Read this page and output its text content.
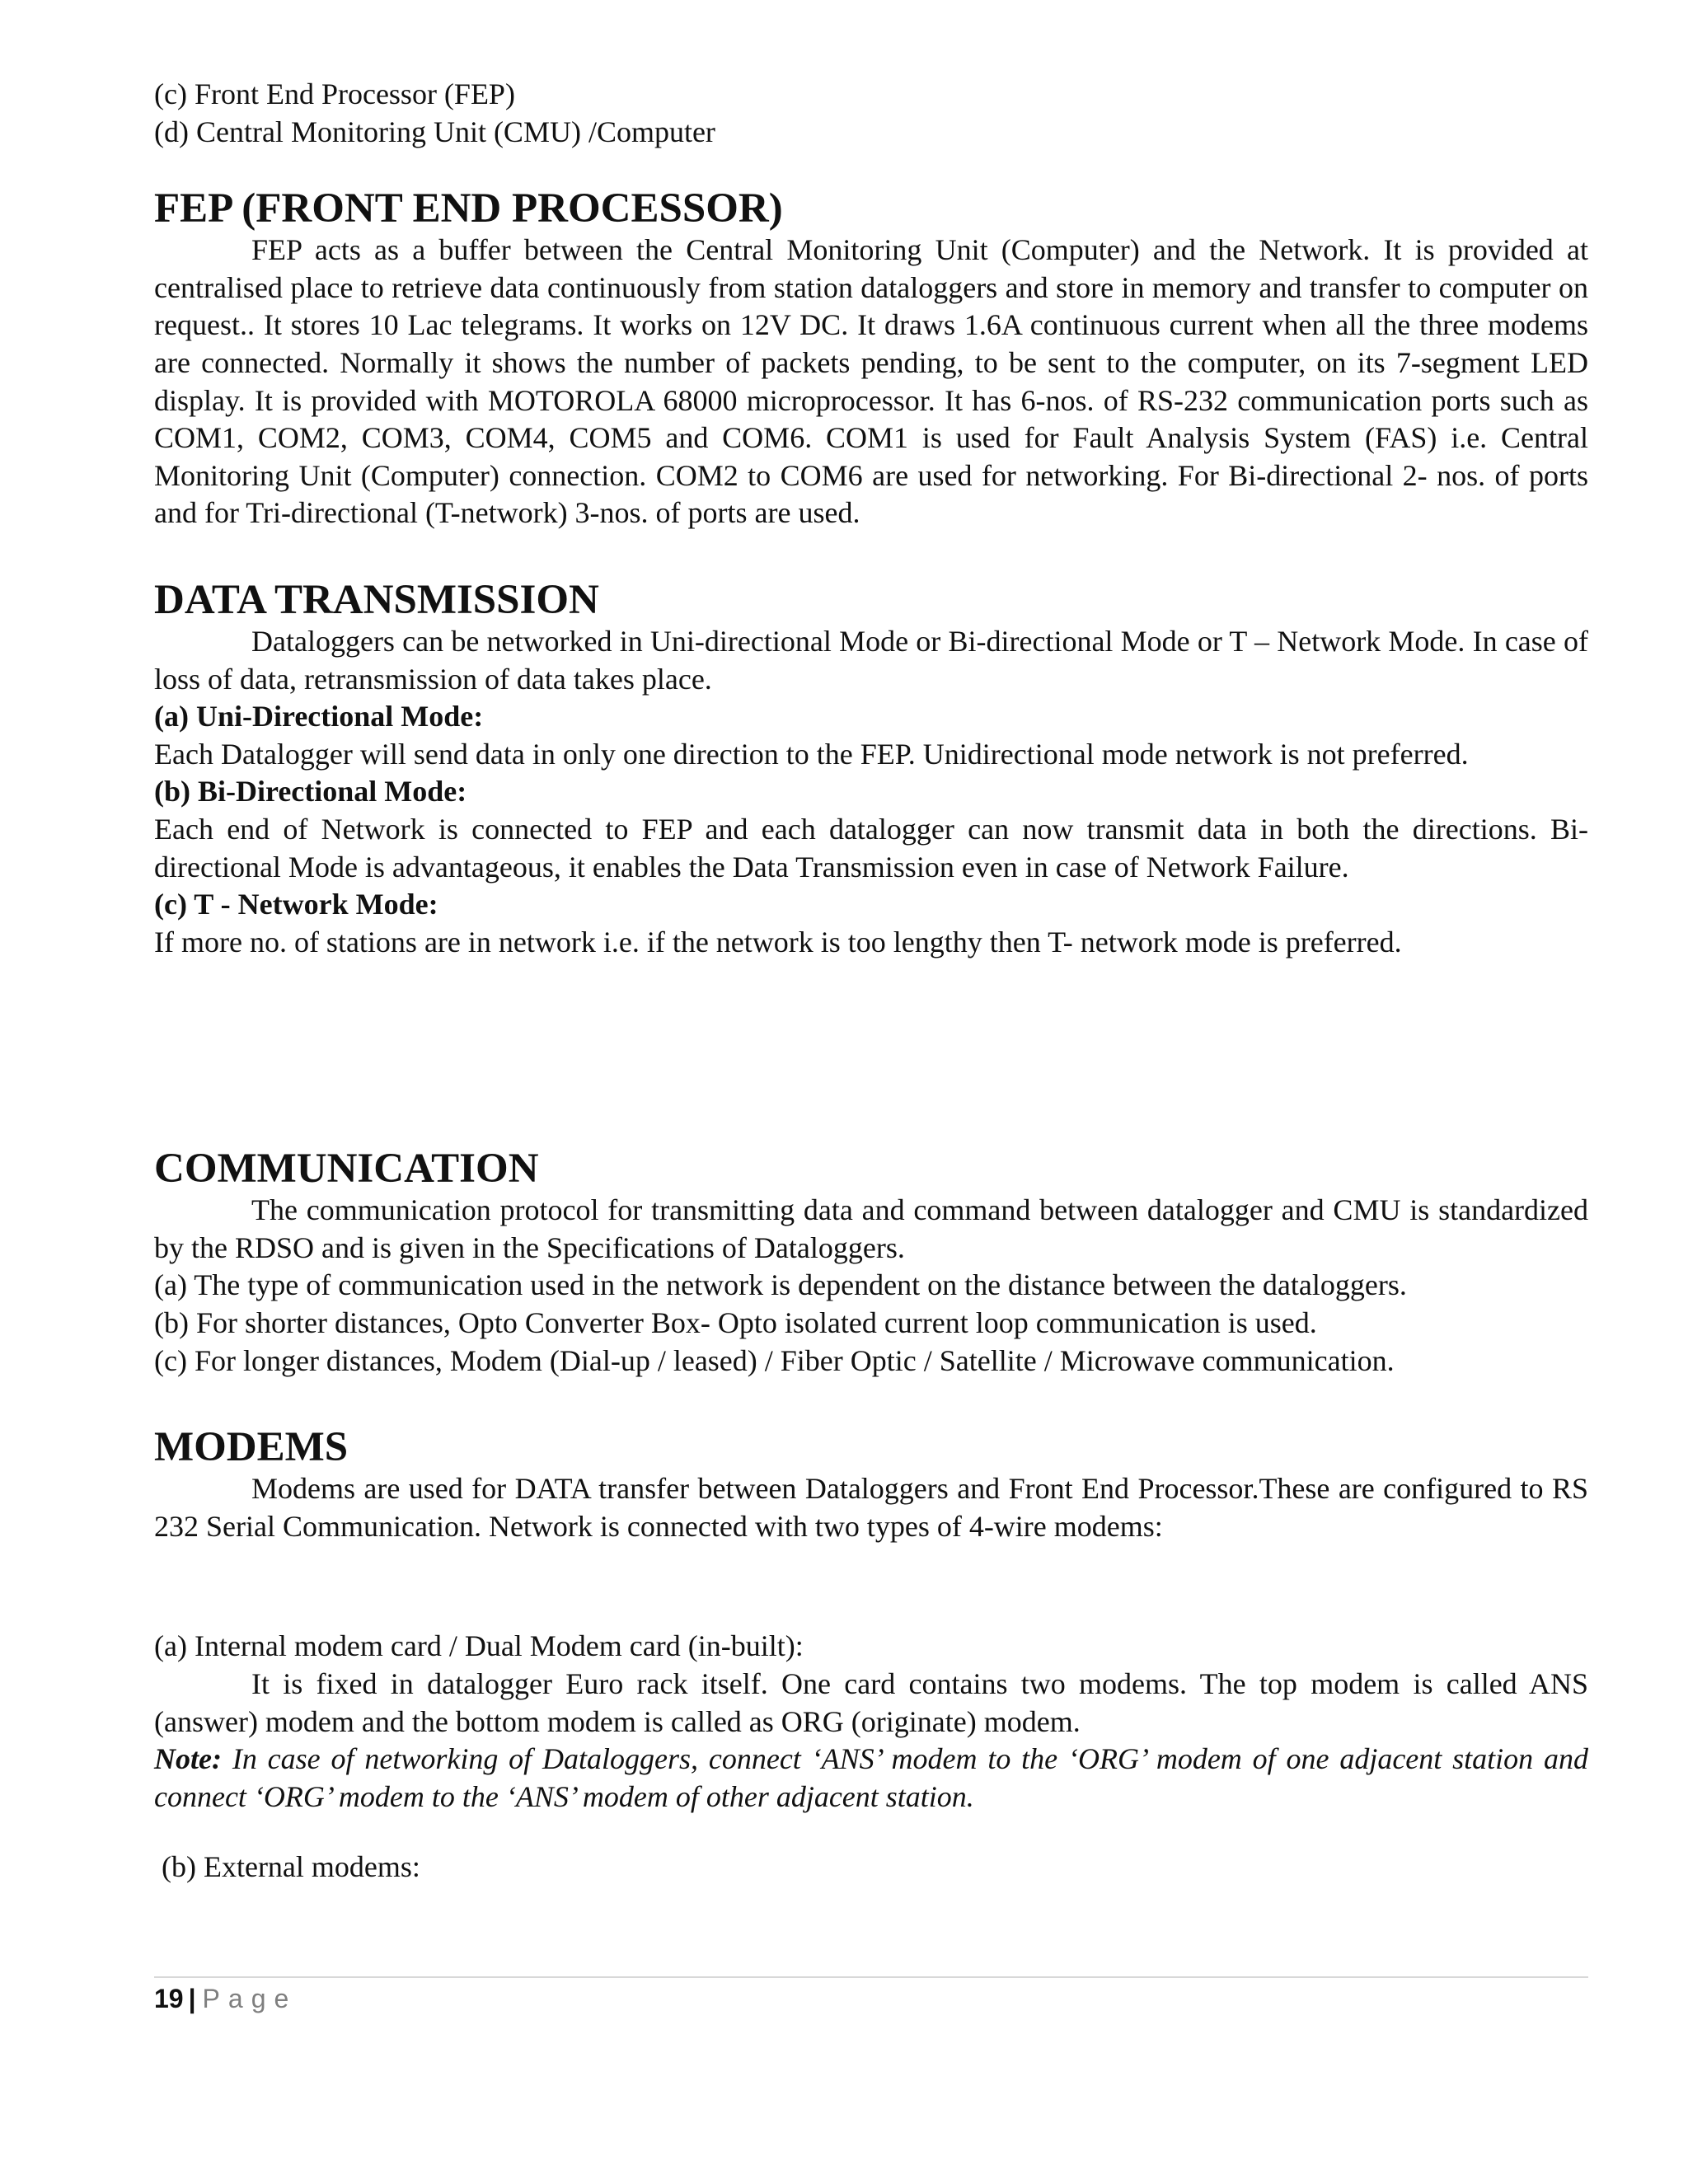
(c) Front End Processor (FEP)

(d) Central Monitoring Unit (CMU) /Computer

FEP (FRONT END PROCESSOR)

FEP acts as a buffer between the Central Monitoring Unit (Computer) and the Network. It is provided at centralised place to retrieve data continuously from station dataloggers and store in memory and transfer to computer on request.. It stores 10 Lac telegrams. It works on 12V DC. It draws 1.6A continuous current when all the three modems are connected. Normally it shows the number of packets pending, to be sent to the computer, on its 7-segment LED display. It is provided with MOTOROLA 68000 microprocessor. It has 6-nos. of RS-232 communication ports such as COM1, COM2, COM3, COM4, COM5 and COM6. COM1 is used for Fault Analysis System (FAS) i.e. Central Monitoring Unit (Computer) connection. COM2 to COM6 are used for networking. For Bi-directional 2- nos. of ports and for Tri-directional (T-network) 3-nos. of ports are used.

DATA TRANSMISSION

Dataloggers can be networked in Uni-directional Mode or Bi-directional Mode or T – Network Mode. In case of loss of data, retransmission of data takes place.

(a) Uni-Directional Mode:

Each Datalogger will send data in only one direction to the FEP. Unidirectional mode network is not preferred.

(b) Bi-Directional Mode:

Each end of Network is connected to FEP and each datalogger can now transmit data in both the directions. Bi-directional Mode is advantageous, it enables the Data Transmission even in case of Network Failure.

(c) T - Network Mode:

If more no. of stations are in network i.e. if the network is too lengthy then T- network mode is preferred.

COMMUNICATION

The communication protocol for transmitting data and command between datalogger and CMU is standardized by the RDSO and is given in the Specifications of Dataloggers.

(a) The type of communication used in the network is dependent on the distance between the dataloggers.

(b) For shorter distances, Opto Converter Box- Opto isolated current loop communication is used.

(c) For longer distances, Modem (Dial-up / leased) / Fiber Optic / Satellite / Microwave communication.

MODEMS

Modems are used for DATA transfer between Dataloggers and Front End Processor.These are configured to RS 232 Serial Communication. Network is connected with two types of 4-wire modems:

(a) Internal modem card / Dual Modem card (in-built):

It is fixed in datalogger Euro rack itself. One card contains two modems. The top modem is called ANS (answer) modem and the bottom modem is called as ORG (originate) modem.

Note: In case of networking of Dataloggers, connect ‘ANS’ modem to the ‘ORG’ modem of one adjacent station and connect ‘ORG’ modem to the ‘ANS’ modem of other adjacent station.

(b) External modems:

19 | Page
